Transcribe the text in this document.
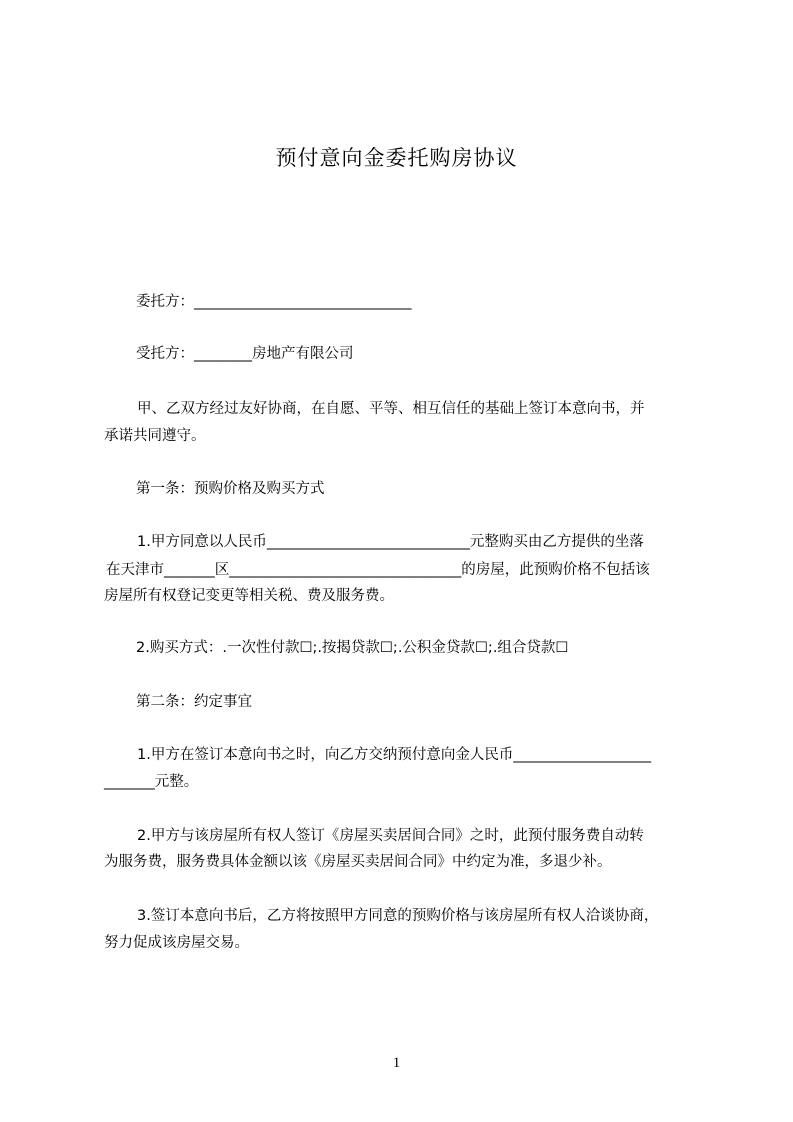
预付意向金委托购房协议
委托方：______________________________
受托方：________房地产有限公司
甲、乙双方经过友好协商，在自愿、平等、相互信任的基础上签订本意向书，并
承诺共同遵守。
第一条：预购价格及购买方式
1.甲方同意以人民币____________________________元整购买由乙方提供的坐落
在天津市_______区________________________________的房屋，此预购价格不包括该
房屋所有权登记变更等相关税、费及服务费。
2.购买方式：.一次性付款☐;.按揭贷款☐;.公积金贷款☐;.组合贷款☐
第二条：约定事宜
1.甲方在签订本意向书之时，向乙方交纳预付意向金人民币___________________
_______元整。
2.甲方与该房屋所有权人签订《房屋买卖居间合同》之时，此预付服务费自动转
为服务费，服务费具体金额以该《房屋买卖居间合同》中约定为准，多退少补。
3.签订本意向书后，乙方将按照甲方同意的预购价格与该房屋所有权人洽谈协商，
努力促成该房屋交易。
1
